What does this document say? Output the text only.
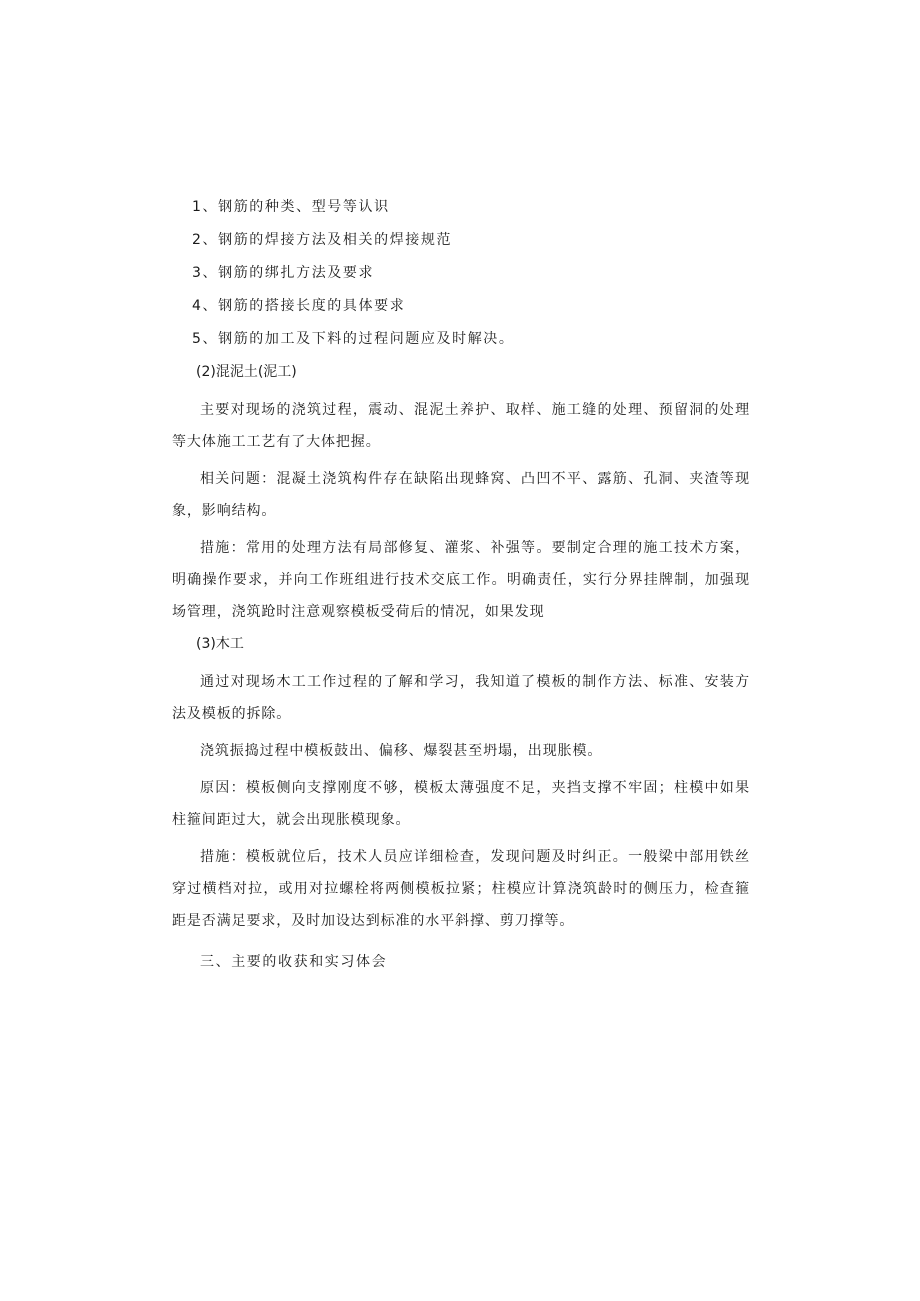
1、钢筋的种类、型号等认识
2、钢筋的焊接方法及相关的焊接规范
3、钢筋的绑扎方法及要求
4、钢筋的搭接长度的具体要求
5、钢筋的加工及下料的过程问题应及时解决。
(2)混泥土(泥工)

主要对现场的浇筑过程，震动、混泥土养护、取样、施工缝的处理、预留洞的处理等大体施工工艺有了大体把握。

相关问题：混凝土浇筑构件存在缺陷出现蜂窝、凸凹不平、露筋、孔洞、夹渣等现象，影响结构。

措施：常用的处理方法有局部修复、灌浆、补强等。要制定合理的施工技术方案，明确操作要求，并向工作班组进行技术交底工作。明确责任，实行分界挂牌制，加强现场管理，浇筑跄时注意观察模板受荷后的情况，如果发现

(3)木工

通过对现场木工工作过程的了解和学习，我知道了模板的制作方法、标准、安装方法及模板的拆除。

浇筑振捣过程中模板鼓出、偏移、爆裂甚至坍塌，出现胀模。

原因：模板侧向支撑刚度不够，模板太薄强度不足，夹挡支撑不牢固；柱模中如果柱箍间距过大，就会出现胀模现象。

措施：模板就位后，技术人员应详细检查，发现问题及时纠正。一般梁中部用铁丝穿过横档对拉，或用对拉螺栓将两侧模板拉紧；柱模应计算浇筑龄时的侧压力，检查箍距是否满足要求，及时加设达到标准的水平斜撑、剪刀撑等。

三、主要的收获和实习体会
